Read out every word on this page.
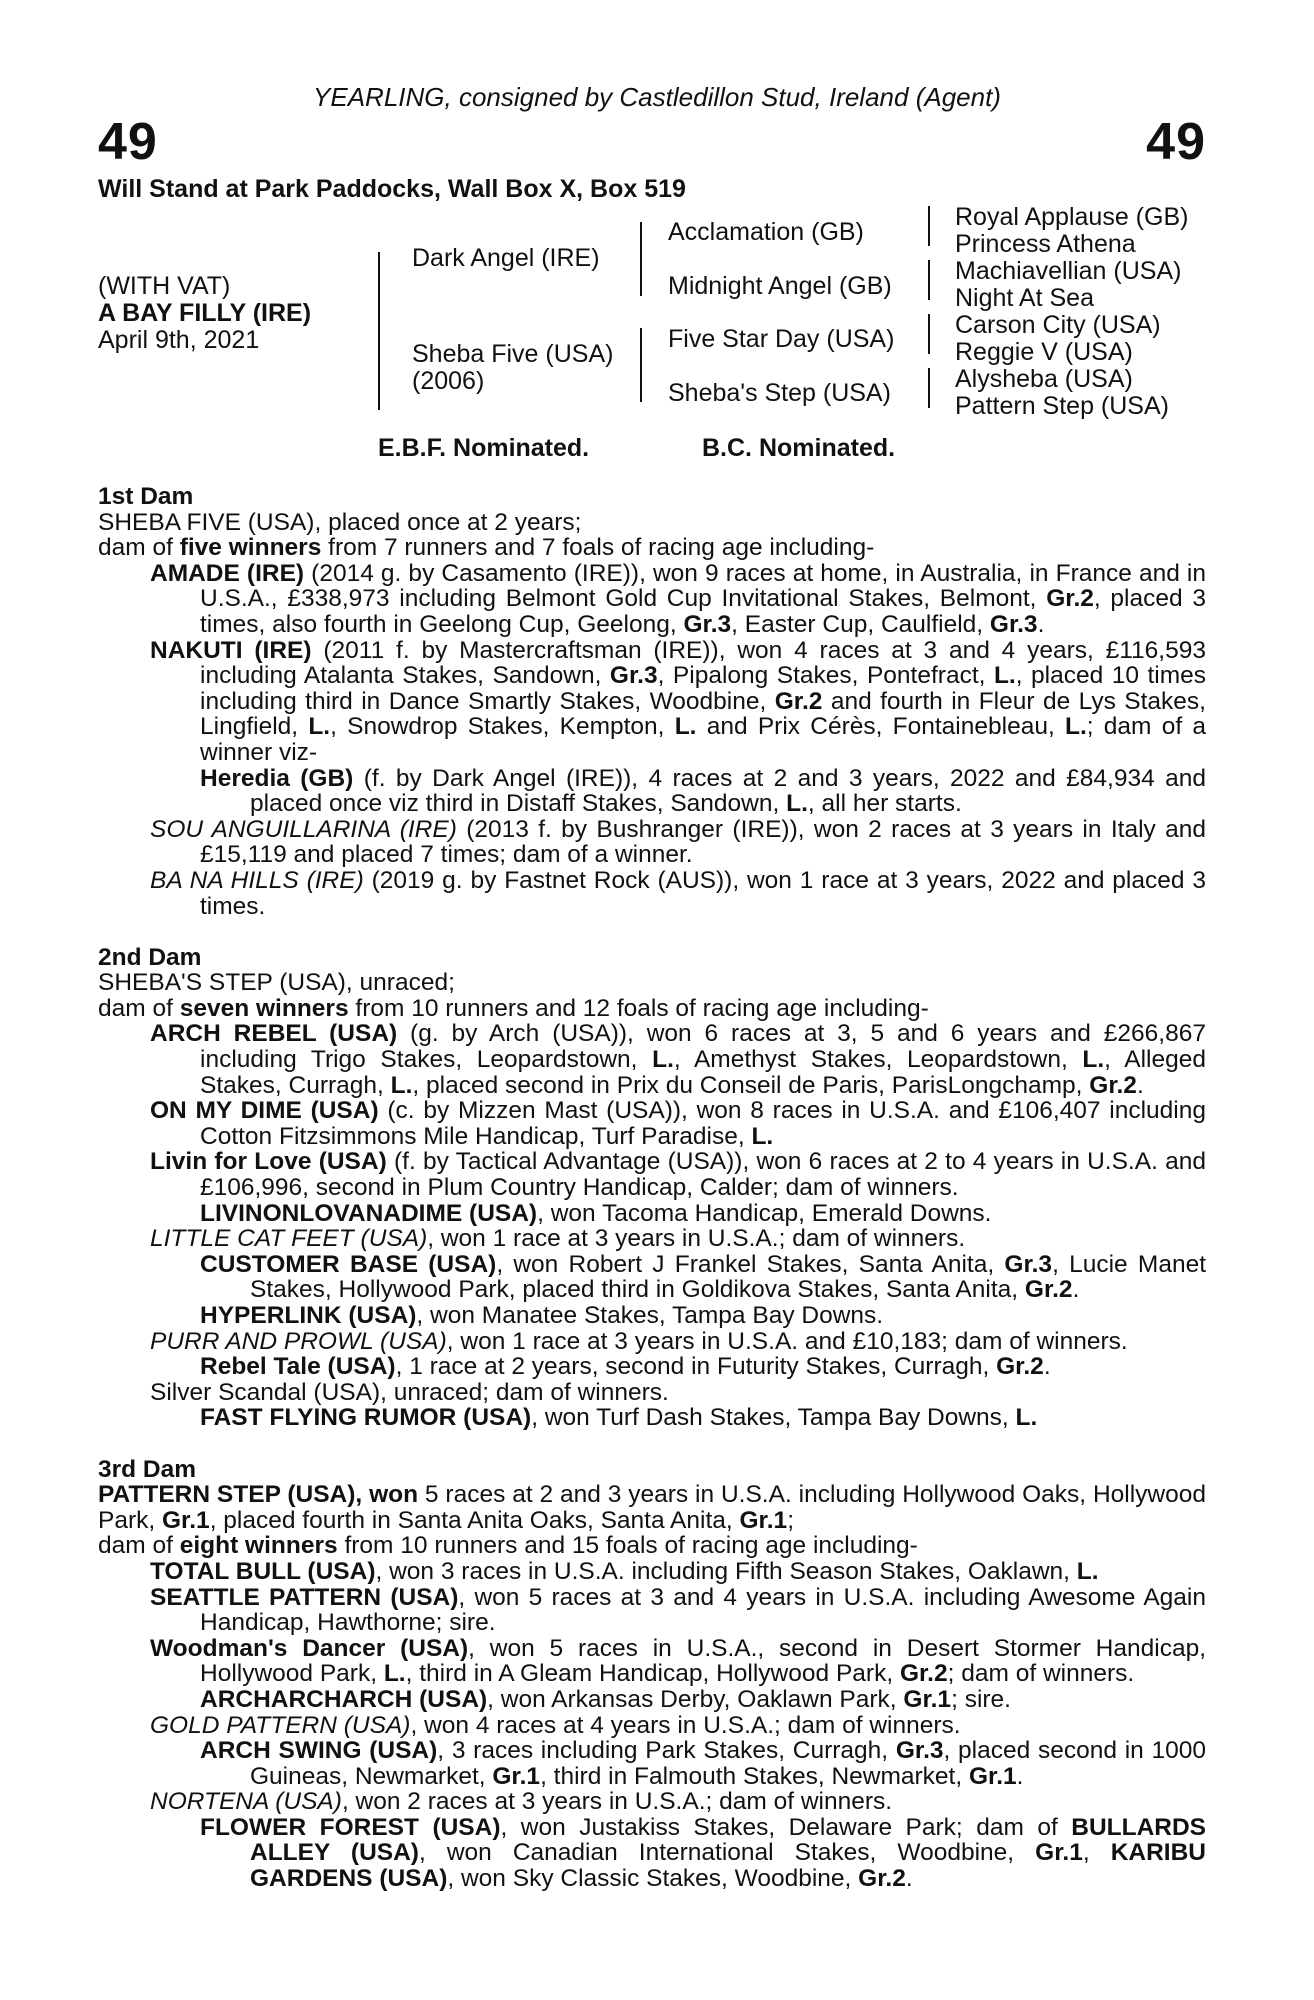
YEARLING, consigned by Castledillon Stud, Ireland (Agent)
49	49
Will Stand at Park Paddocks, Wall Box X, Box 519
(WITH VAT)
A BAY FILLY (IRE)
April 9th, 2021
Dark Angel (IRE)
Sheba Five (USA)
(2006)
Acclamation (GB)
Midnight Angel (GB)
Five Star Day (USA)
Sheba's Step (USA)
Royal Applause (GB)
Princess Athena
Machiavellian (USA)
Night At Sea
Carson City (USA)
Reggie V (USA)
Alysheba (USA)
Pattern Step (USA)
E.B.F. Nominated.	B.C. Nominated.
1st Dam
SHEBA FIVE (USA), placed once at 2 years;
dam of five winners from 7 runners and 7 foals of racing age including-
AMADE (IRE) (2014 g. by Casamento (IRE)), won 9 races at home, in Australia, in France and in U.S.A., £338,973 including Belmont Gold Cup Invitational Stakes, Belmont, Gr.2, placed 3 times, also fourth in Geelong Cup, Geelong, Gr.3, Easter Cup, Caulfield, Gr.3.
NAKUTI (IRE) (2011 f. by Mastercraftsman (IRE)), won 4 races at 3 and 4 years, £116,593 including Atalanta Stakes, Sandown, Gr.3, Pipalong Stakes, Pontefract, L., placed 10 times including third in Dance Smartly Stakes, Woodbine, Gr.2 and fourth in Fleur de Lys Stakes, Lingfield, L., Snowdrop Stakes, Kempton, L. and Prix Cérès, Fontainebleau, L.; dam of a winner viz-
Heredia (GB) (f. by Dark Angel (IRE)), 4 races at 2 and 3 years, 2022 and £84,934 and placed once viz third in Distaff Stakes, Sandown, L., all her starts.
SOU ANGUILLARINA (IRE) (2013 f. by Bushranger (IRE)), won 2 races at 3 years in Italy and £15,119 and placed 7 times; dam of a winner.
BA NA HILLS (IRE) (2019 g. by Fastnet Rock (AUS)), won 1 race at 3 years, 2022 and placed 3 times.
2nd Dam
SHEBA'S STEP (USA), unraced;
dam of seven winners from 10 runners and 12 foals of racing age including-
ARCH REBEL (USA) (g. by Arch (USA)), won 6 races at 3, 5 and 6 years and £266,867 including Trigo Stakes, Leopardstown, L., Amethyst Stakes, Leopardstown, L., Alleged Stakes, Curragh, L., placed second in Prix du Conseil de Paris, ParisLongchamp, Gr.2.
ON MY DIME (USA) (c. by Mizzen Mast (USA)), won 8 races in U.S.A. and £106,407 including Cotton Fitzsimmons Mile Handicap, Turf Paradise, L.
Livin for Love (USA) (f. by Tactical Advantage (USA)), won 6 races at 2 to 4 years in U.S.A. and £106,996, second in Plum Country Handicap, Calder; dam of winners.
LIVINONLOVANADIME (USA), won Tacoma Handicap, Emerald Downs.
LITTLE CAT FEET (USA), won 1 race at 3 years in U.S.A.; dam of winners.
CUSTOMER BASE (USA), won Robert J Frankel Stakes, Santa Anita, Gr.3, Lucie Manet Stakes, Hollywood Park, placed third in Goldikova Stakes, Santa Anita, Gr.2.
HYPERLINK (USA), won Manatee Stakes, Tampa Bay Downs.
PURR AND PROWL (USA), won 1 race at 3 years in U.S.A. and £10,183; dam of winners.
Rebel Tale (USA), 1 race at 2 years, second in Futurity Stakes, Curragh, Gr.2.
Silver Scandal (USA), unraced; dam of winners.
FAST FLYING RUMOR (USA), won Turf Dash Stakes, Tampa Bay Downs, L.
3rd Dam
PATTERN STEP (USA), won 5 races at 2 and 3 years in U.S.A. including Hollywood Oaks, Hollywood Park, Gr.1, placed fourth in Santa Anita Oaks, Santa Anita, Gr.1;
dam of eight winners from 10 runners and 15 foals of racing age including-
TOTAL BULL (USA), won 3 races in U.S.A. including Fifth Season Stakes, Oaklawn, L.
SEATTLE PATTERN (USA), won 5 races at 3 and 4 years in U.S.A. including Awesome Again Handicap, Hawthorne; sire.
Woodman's Dancer (USA), won 5 races in U.S.A., second in Desert Stormer Handicap, Hollywood Park, L., third in A Gleam Handicap, Hollywood Park, Gr.2; dam of winners.
ARCHARCHARCH (USA), won Arkansas Derby, Oaklawn Park, Gr.1; sire.
GOLD PATTERN (USA), won 4 races at 4 years in U.S.A.; dam of winners.
ARCH SWING (USA), 3 races including Park Stakes, Curragh, Gr.3, placed second in 1000 Guineas, Newmarket, Gr.1, third in Falmouth Stakes, Newmarket, Gr.1.
NORTENA (USA), won 2 races at 3 years in U.S.A.; dam of winners.
FLOWER FOREST (USA), won Justakiss Stakes, Delaware Park; dam of BULLARDS ALLEY (USA), won Canadian International Stakes, Woodbine, Gr.1, KARIBU GARDENS (USA), won Sky Classic Stakes, Woodbine, Gr.2.
